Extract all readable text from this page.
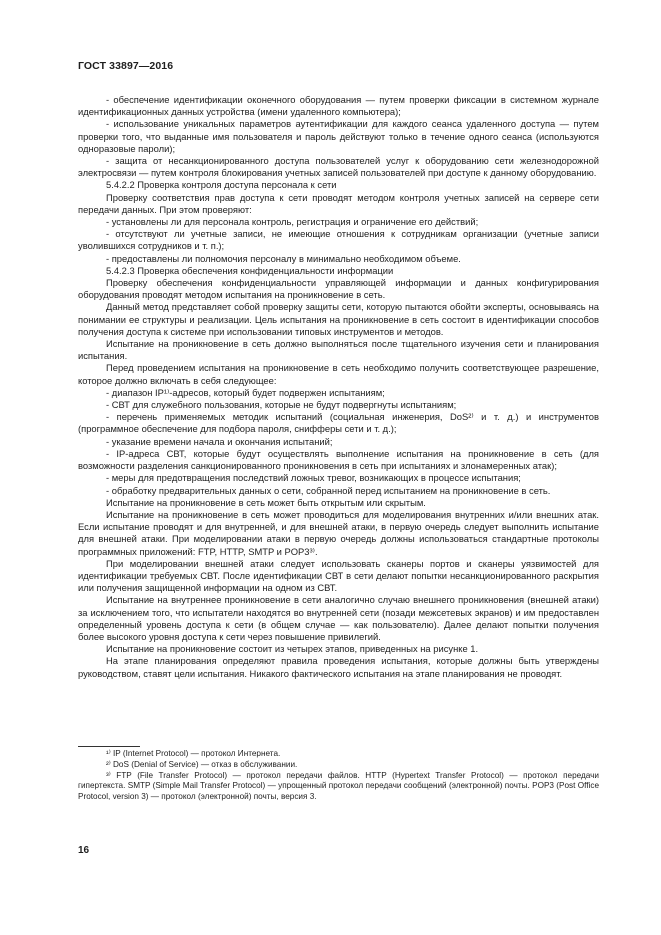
ГОСТ 33897—2016

- обеспечение идентификации оконечного оборудования — путем проверки фиксации в системном журнале идентификационных данных устройства (имени удаленного компьютера);

- использование уникальных параметров аутентификации для каждого сеанса удаленного доступа — путем проверки того, что выданные имя пользователя и пароль действуют только в течение одного сеанса (используются одноразовые пароли);

- защита от несанкционированного доступа пользователей услуг к оборудованию сети железнодорожной электросвязи — путем контроля блокирования учетных записей пользователей при доступе к данному оборудованию.

5.4.2.2 Проверка контроля доступа персонала к сети

Проверку соответствия прав доступа к сети проводят методом контроля учетных записей на сервере сети передачи данных. При этом проверяют:

- установлены ли для персонала контроль, регистрация и ограничение его действий;

- отсутствуют ли учетные записи, не имеющие отношения к сотрудникам организации (учетные записи уволившихся сотрудников и т. п.);

- предоставлены ли полномочия персоналу в минимально необходимом объеме.

5.4.2.3 Проверка обеспечения конфиденциальности информации

Проверку обеспечения конфиденциальности управляющей информации и данных конфигурирования оборудования проводят методом испытания на проникновение в сеть.

Данный метод представляет собой проверку защиты сети, которую пытаются обойти эксперты, основываясь на понимании ее структуры и реализации. Цель испытания на проникновение в сеть состоит в идентификации способов получения доступа к системе при использовании типовых инструментов и методов.

Испытание на проникновение в сеть должно выполняться после тщательного изучения сети и планирования испытания.

Перед проведением испытания на проникновение в сеть необходимо получить соответствующее разрешение, которое должно включать в себя следующее:

- диапазон IP¹⁾-адресов, который будет подвержен испытаниям;

- СВТ для служебного пользования, которые не будут подвергнуты испытаниям;

- перечень применяемых методик испытаний (социальная инженерия, DoS²⁾ и т. д.) и инструментов (программное обеспечение для подбора пароля, снифферы сети и т. д.);

- указание времени начала и окончания испытаний;

- IP-адреса СВТ, которые будут осуществлять выполнение испытания на проникновение в сеть (для возможности разделения санкционированного проникновения в сеть при испытаниях и злонамеренных атак);

- меры для предотвращения последствий ложных тревог, возникающих в процессе испытания;

- обработку предварительных данных о сети, собранной перед испытанием на проникновение в сеть.

Испытание на проникновение в сеть может быть открытым или скрытым.

Испытание на проникновение в сеть может проводиться для моделирования внутренних и/или внешних атак. Если испытание проводят и для внутренней, и для внешней атаки, в первую очередь следует выполнить испытание для внешней атаки. При моделировании атаки в первую очередь должны использоваться стандартные протоколы программных приложений: FTP, HTTP, SMTP и POP3³⁾.

При моделировании внешней атаки следует использовать сканеры портов и сканеры уязвимостей для идентификации требуемых СВТ. После идентификации СВТ в сети делают попытки несанкционированного раскрытия или получения защищенной информации на одном из СВТ.

Испытание на внутреннее проникновение в сети аналогично случаю внешнего проникновения (внешней атаки) за исключением того, что испытатели находятся во внутренней сети (позади межсетевых экранов) и им предоставлен определенный уровень доступа к сети (в общем случае — как пользователю). Далее делают попытки получения более высокого уровня доступа к сети через повышение привилегий.

Испытание на проникновение состоит из четырех этапов, приведенных на рисунке 1.

На этапе планирования определяют правила проведения испытания, которые должны быть утверждены руководством, ставят цели испытания. Никакого фактического испытания на этапе планирования не проводят.

¹⁾ IP (Internet Protocol) — протокол Интернета.

²⁾ DoS (Denial of Service) — отказ в обслуживании.

³⁾ FTP (File Transfer Protocol) — протокол передачи файлов. HTTP (Hypertext Transfer Protocol) — протокол передачи гипертекста. SMTP (Simple Mail Transfer Protocol) — упрощенный протокол передачи сообщений (электронной) почты. POP3 (Post Office Protocol, version 3) — протокол (электронной) почты, версия 3.

16
